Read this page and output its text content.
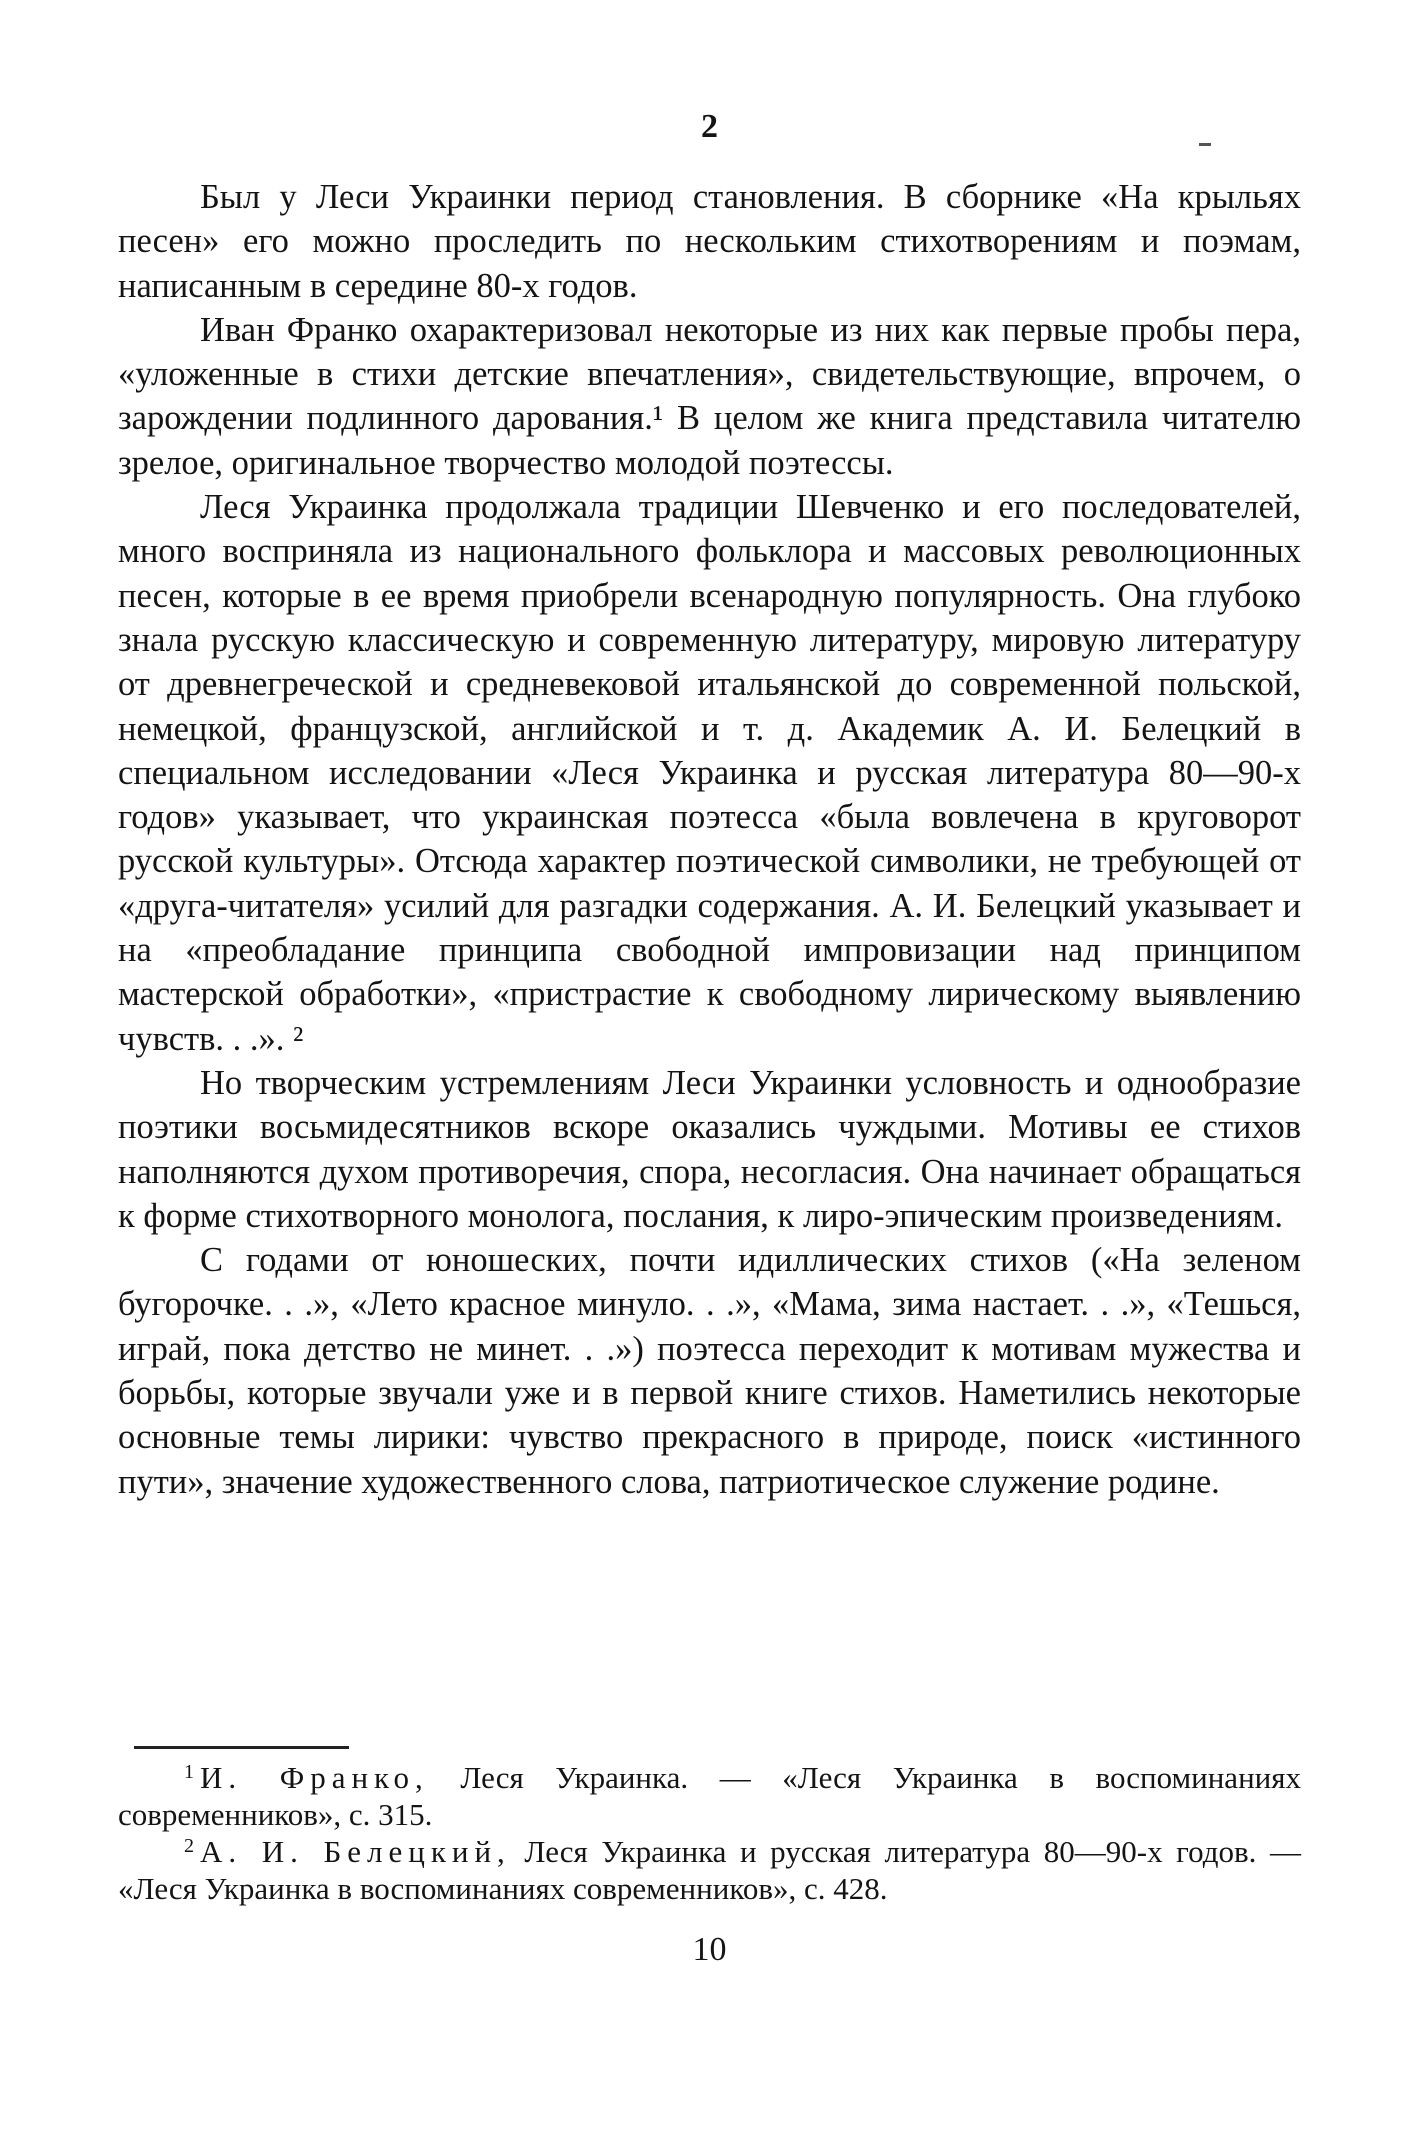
2

Был у Леси Украинки период становления. В сборнике «На крыльях песен» его можно проследить по нескольким стихотворениям и поэмам, написанным в середине 80-х годов.

Иван Франко охарактеризовал некоторые из них как первые пробы пера, «уложенные в стихи детские впечатления», свидетельствующие, впрочем, о зарождении подлинного дарования.¹ В целом же книга представила читателю зрелое, оригинальное творчество молодой поэтессы.

Леся Украинка продолжала традиции Шевченко и его последователей, много восприняла из национального фольклора и массовых революционных песен, которые в ее время приобрели всенародную популярность. Она глубоко знала русскую классическую и современную литературу, мировую литературу от древнегреческой и средневековой итальянской до современной польской, немецкой, французской, английской и т. д. Академик А. И. Белецкий в специальном исследовании «Леся Украинка и русская литература 80—90-х годов» указывает, что украинская поэтесса «была вовлечена в круговорот русской культуры». Отсюда характер поэтической символики, не требующей от «друга-читателя» усилий для разгадки содержания. А. И. Белецкий указывает и на «преобладание принципа свободной импровизации над принципом мастерской обработки», «пристрастие к свободному лирическому выявлению чувств. . .». ²

Но творческим устремлениям Леси Украинки условность и однообразие поэтики восьмидесятников вскоре оказались чуждыми. Мотивы ее стихов наполняются духом противоречия, спора, несогласия. Она начинает обращаться к форме стихотворного монолога, послания, к лиро-эпическим произведениям.

С годами от юношеских, почти идиллических стихов («На зеленом бугорочке. . .», «Лето красное минуло. . .», «Мама, зима настает. . .», «Тешься, играй, пока детство не минет. . .») поэтесса переходит к мотивам мужества и борьбы, которые звучали уже и в первой книге стихов. Наметились некоторые основные темы лирики: чувство прекрасного в природе, поиск «истинного пути», значение художественного слова, патриотическое служение родине.

$^1$ И. Франко, Леся Украинка. — «Леся Украинка в воспоминаниях современников», с. 315.

$^2$ А. И. Белецкий, Леся Украинка и русская литература 80—90-х годов. — «Леся Украинка в воспоминаниях современников», с. 428.

10
